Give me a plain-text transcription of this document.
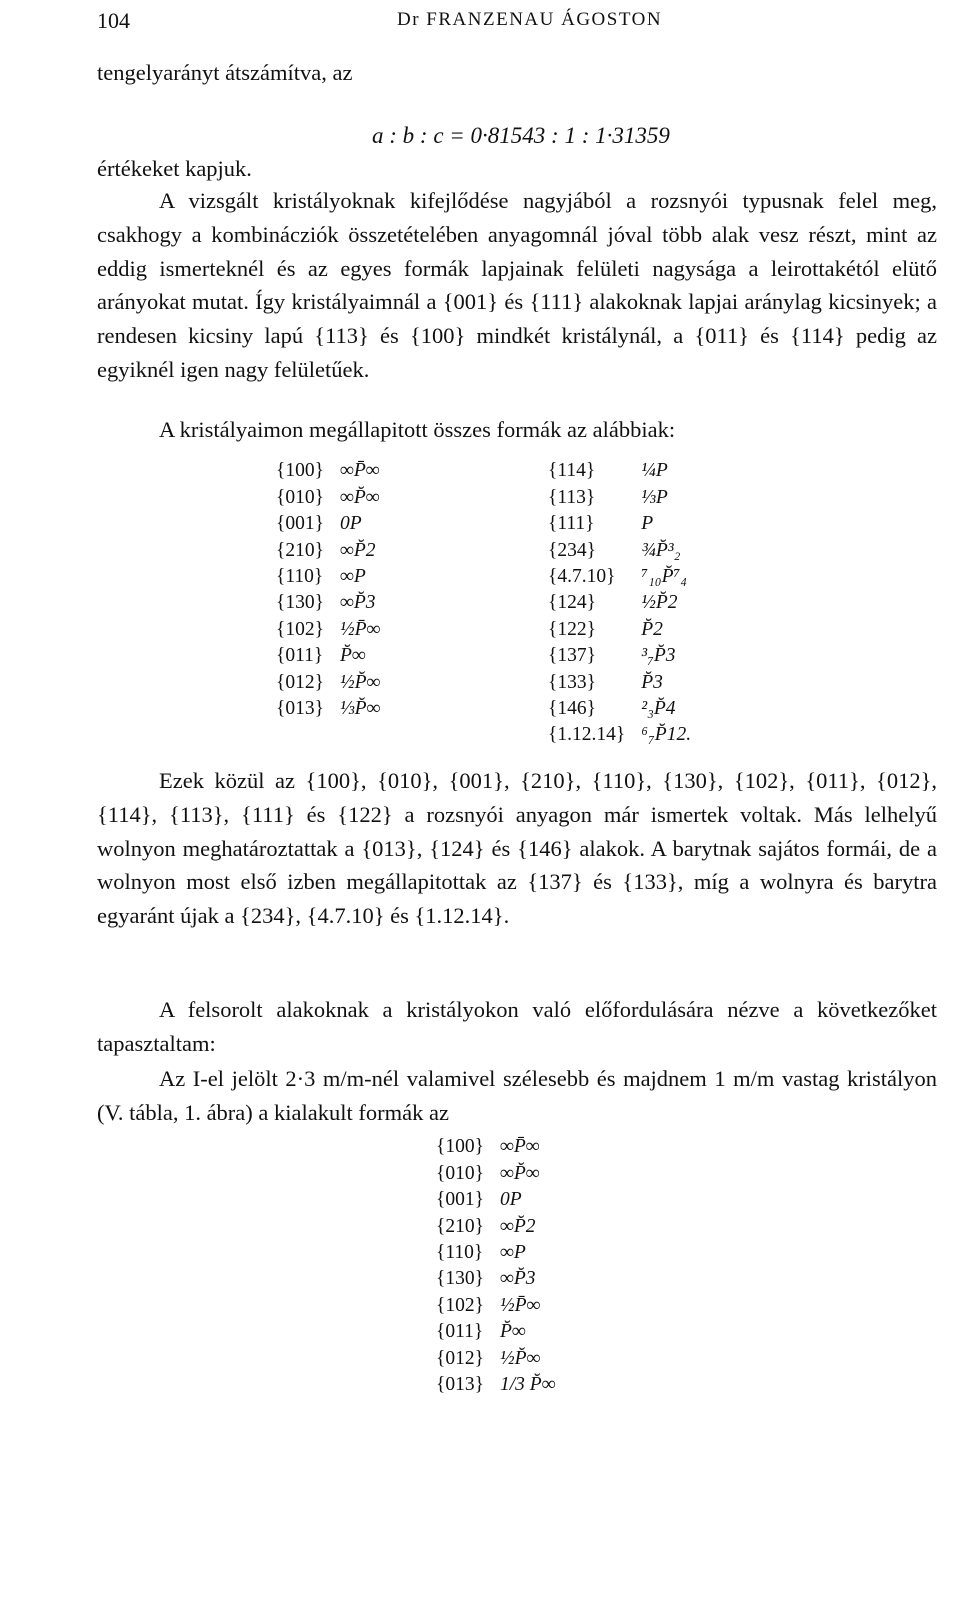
104	Dr FRANZENAU ÁGOSTON

tengelyarányt átszámítva, az

a : b : c = 0·81543 : 1 : 1·31359

értékeket kapjuk.

A vizsgált kristályoknak kifejlődése nagyjából a rozsnyói typusnak felel meg, csakhogy a kombinácziók összetételében anyagomnál jóval több alak vesz részt, mint az eddig ismerteknél és az egyes formák lapjainak felületi nagysága a leirottakétól elütő arányokat mutat. Így kristályaimnál a {001} és {111} alakoknak lapjai aránylag kicsinyek; a rendesen kicsiny lapú {113} és {100} mindkét kristálynál, a {011} és {114} pedig az egyiknél igen nagy felületűek.

A kristályaimon megállapitott összes formák az alábbiak:

{100}	∞P̄∞
{010}	∞P̆∞
{001}	0P
{210}	∞P̆2
{110}	∞P
{130}	∞P̆3
{102}	½P̄∞
{011}	P̆∞
{012}	½P̆∞
{013}	⅓P̆∞
{114}	¼P
{113}	⅓P
{111}	P
{234}	¾P̆³₂
{4.7.10}	⁷₁₀P̆⁷₄
{124}	½P̆2
{122}	P̆2
{137}	³₇P̆3
{133}	P̆3
{146}	²₃P̆4
{1.12.14}	⁶₇P̆12.

Ezek közül az {100}, {010}, {001}, {210}, {110}, {130}, {102}, {011}, {012}, {114}, {113}, {111} és {122} a rozsnyói anyagon már ismertek voltak. Más lelhelyű wolnyon meghatároztattak a {013}, {124} és {146} alakok. A barytnak sajátos formái, de a wolnyon most első izben megállapitottak az {137} és {133}, míg a wolnyra és barytra egyaránt újak a {234}, {4.7.10} és {1.12.14}.

A felsorolt alakoknak a kristályokon való előfordulására nézve a következőket tapasztaltam:

Az I-el jelölt 2·3 m/m-nél valamivel szélesebb és majdnem 1 m/m vastag kristályon (V. tábla, 1. ábra) a kialakult formák az

{100}	∞P̄∞
{010}	∞P̆∞
{001}	0P
{210}	∞P̆2
{110}	∞P
{130}	∞P̆3
{102}	½P̄∞
{011}	P̆∞
{012}	½P̆∞
{013}	1/3 P̆∞
